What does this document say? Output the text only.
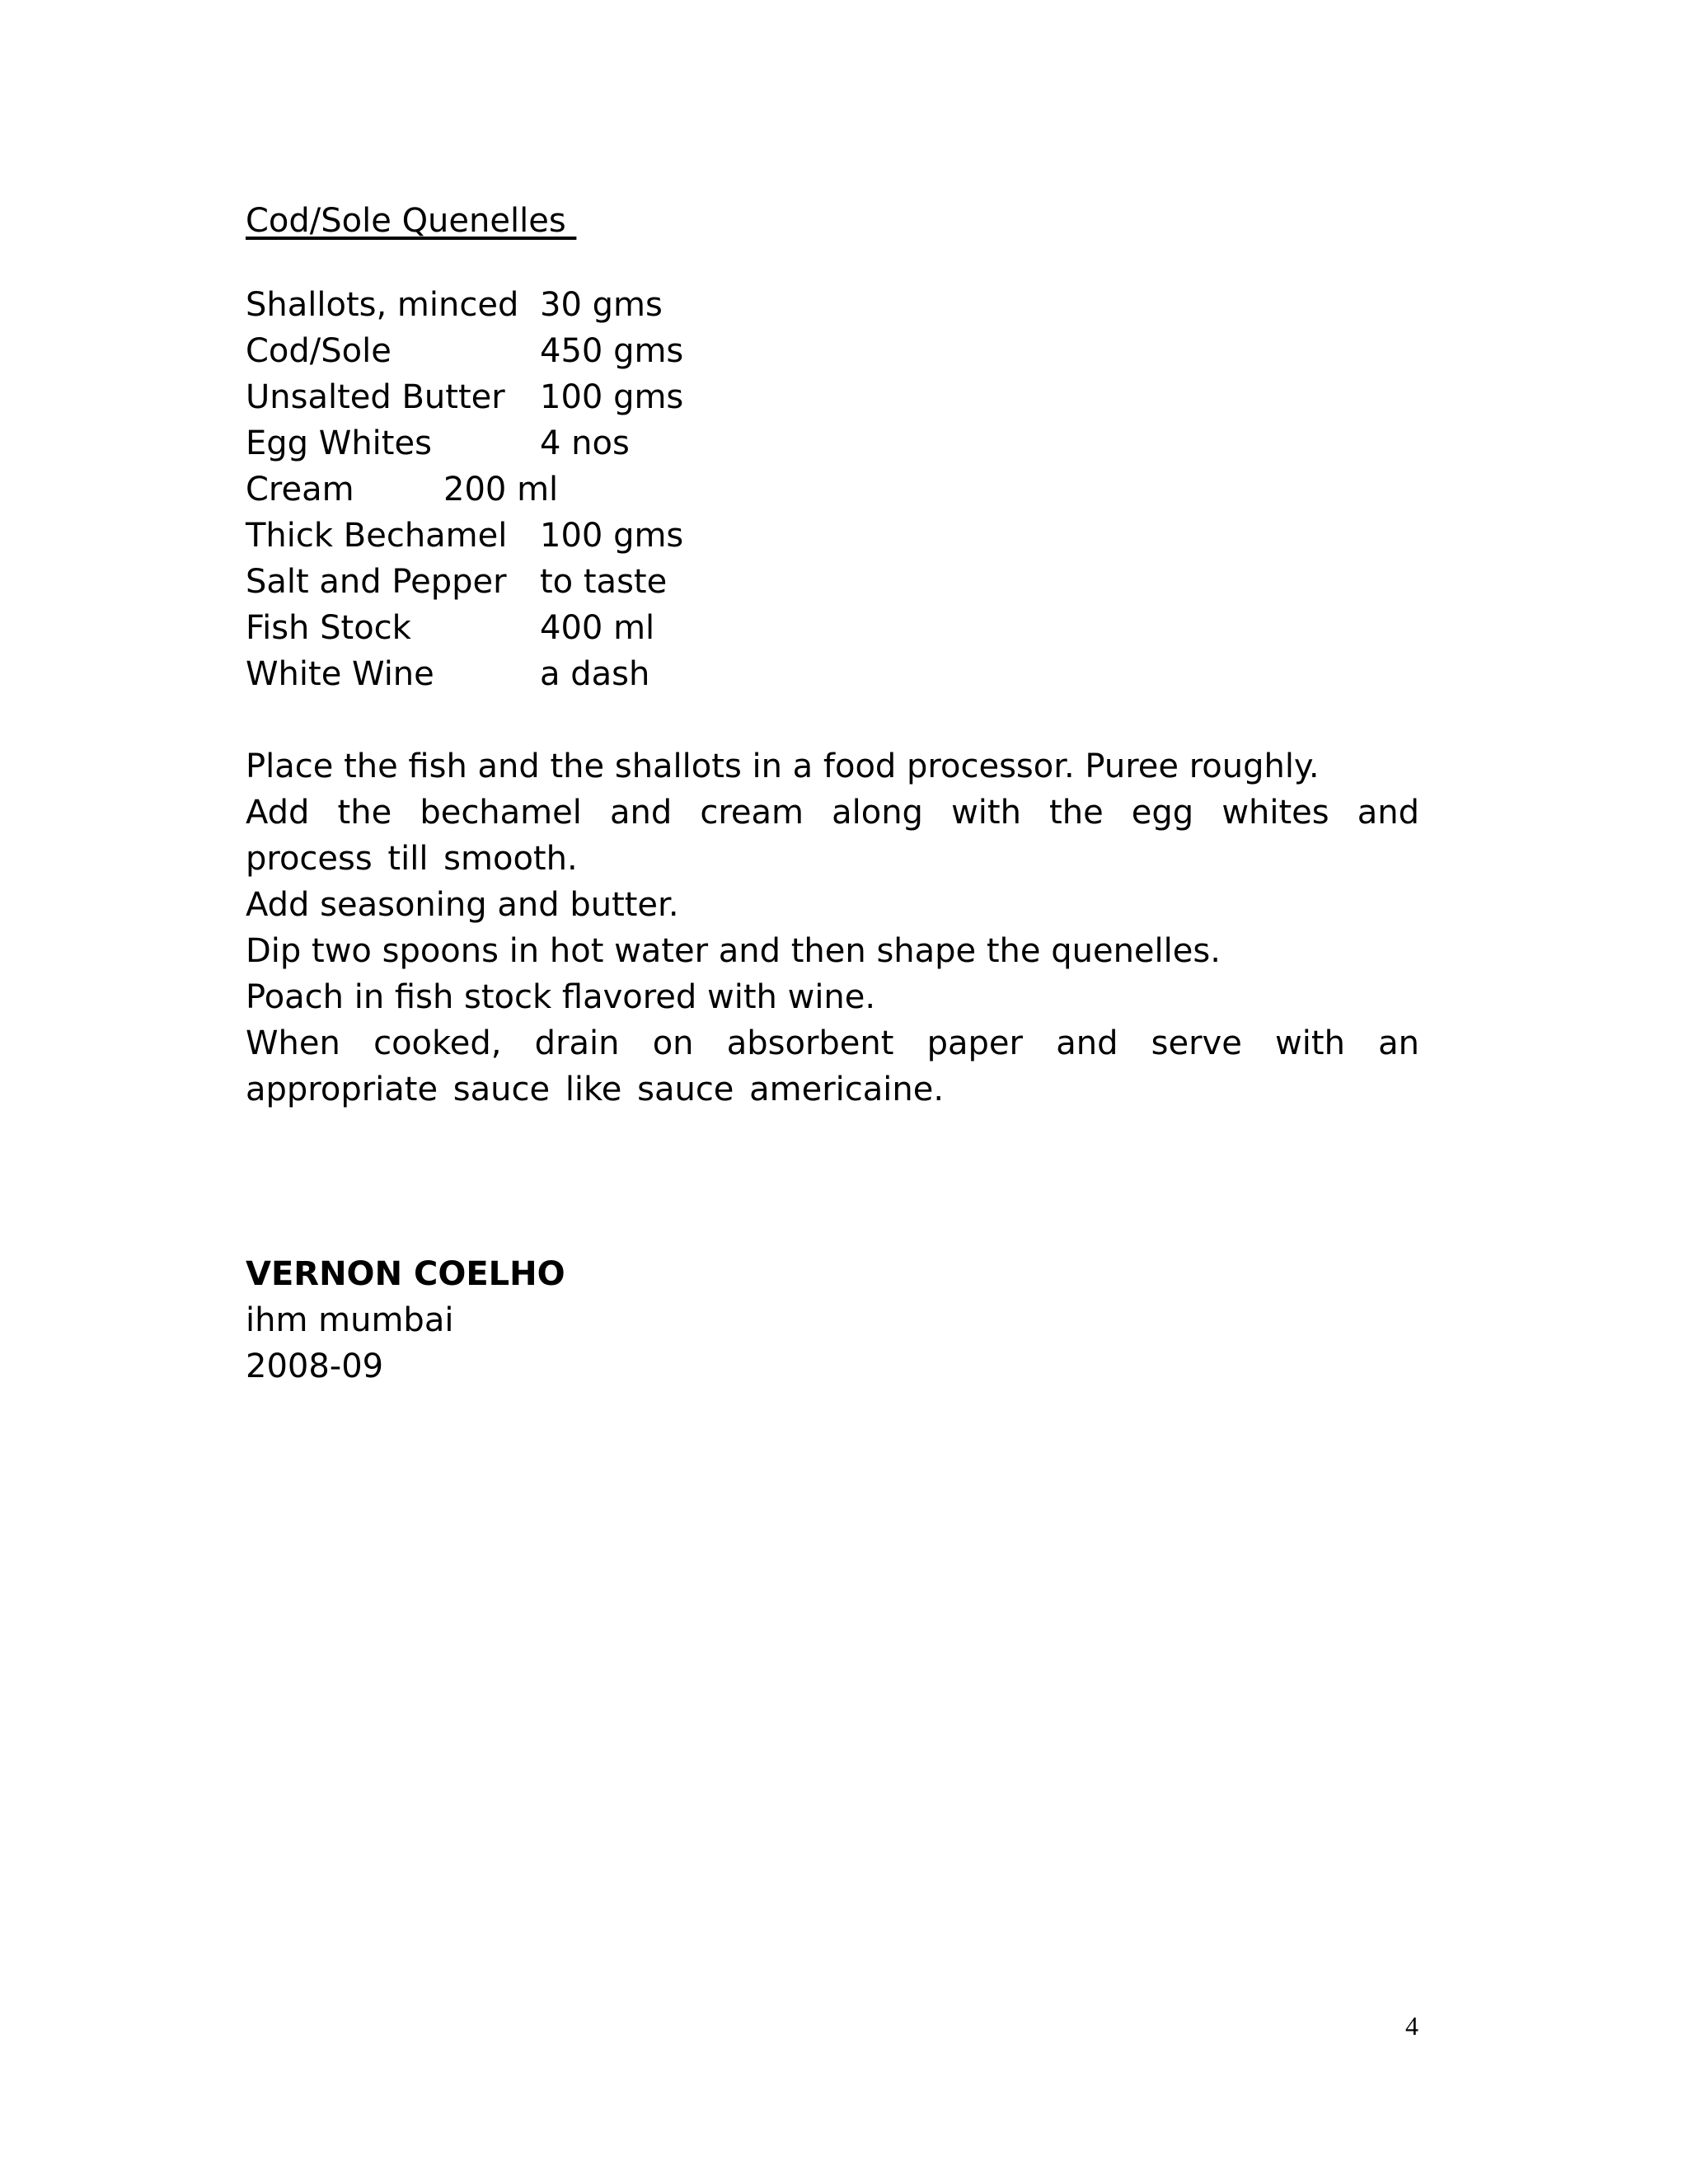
Cod/Sole Quenelles
Shallots, minced 30 gms
Cod/Sole	450 gms
Unsalted Butter	100 gms
Egg Whites	4 nos
Cream	200 ml
Thick Bechamel 100 gms
Salt and Pepper	to taste
Fish Stock	400 ml
White Wine	a dash

Place the fish and the shallots in a food processor. Puree roughly.

Add the bechamel and cream along with the egg whites and process till smooth.

Add seasoning and butter.

Dip two spoons in hot water and then shape the quenelles.

Poach in fish stock flavored with wine.

When cooked, drain on absorbent paper and serve with an appropriate sauce like sauce americaine.

VERNON COELHO
ihm mumbai
2008-09
4
